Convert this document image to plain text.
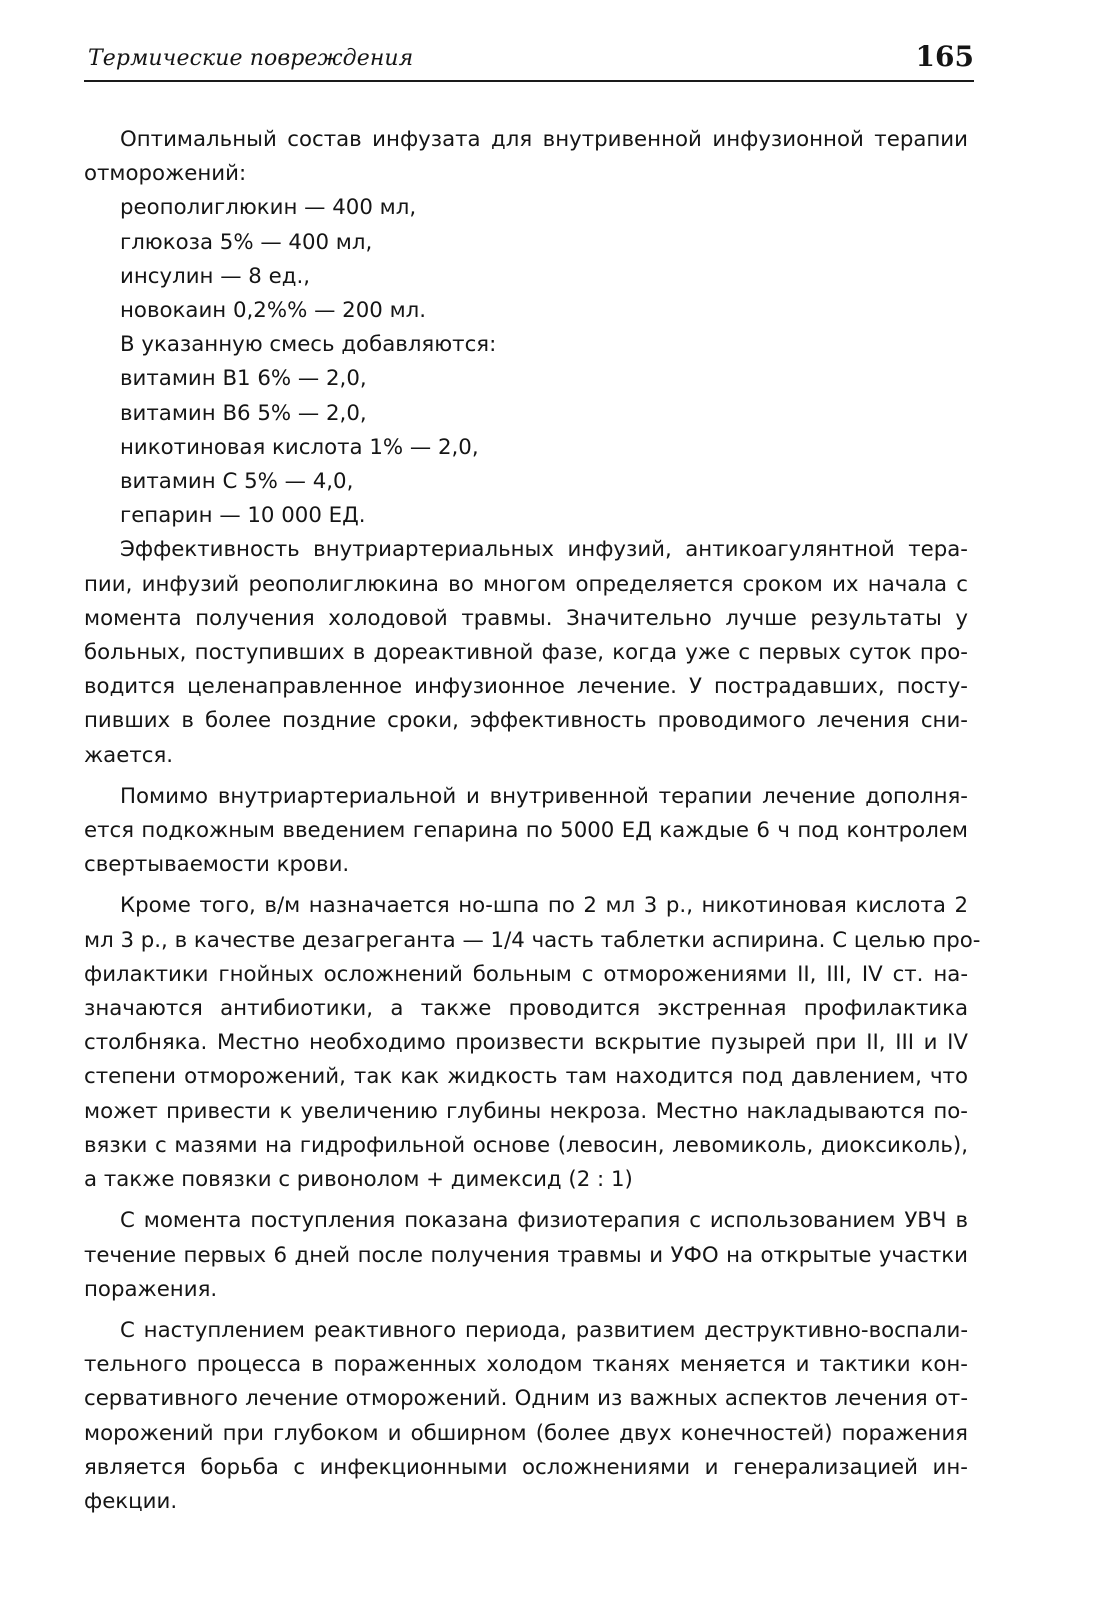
Термические повреждения	165

Оптимальный состав инфузата для внутривенной инфузионной терапии
отморожений:

реополиглюкин — 400 мл,
глюкоза 5% — 400 мл,
инсулин — 8 ед.,
новокаин 0,2%% — 200 мл.
В указанную смесь добавляются:
витамин В1 6% — 2,0,
витамин В6 5% — 2,0,
никотиновая кислота 1% — 2,0,
витамин С 5% — 4,0,
гепарин — 10 000 ЕД.

Эффективность внутриартериальных инфузий, антикоагулянтной тера-
пии, инфузий реополиглюкина во многом определяется сроком их начала с
момента получения холодовой травмы. Значительно лучше результаты у
больных, поступивших в дореактивной фазе, когда уже с первых суток про-
водится целенаправленное инфузионное лечение. У пострадавших, посту-
пивших в более поздние сроки, эффективность проводимого лечения сни-
жается.

Помимо внутриартериальной и внутривенной терапии лечение дополня-
ется подкожным введением гепарина по 5000 ЕД каждые 6 ч под контролем
свертываемости крови.

Кроме того, в/м назначается но-шпа по 2 мл 3 р., никотиновая кислота 2
мл 3 р., в качестве дезагреганта — 1/4 часть таблетки аспирина. С целью про-
филактики гнойных осложнений больным с отморожениями II, III, IV ст. на-
значаются антибиотики, а также проводится экстренная профилактика
столбняка. Местно необходимо произвести вскрытие пузырей при II, III и IV
степени отморожений, так как жидкость там находится под давлением, что
может привести к увеличению глубины некроза. Местно накладываются по-
вязки с мазями на гидрофильной основе (левосин, левомиколь, диоксиколь),
а также повязки с ривонолом + димексид (2 : 1)

С момента поступления показана физиотерапия с использованием УВЧ в
течение первых 6 дней после получения травмы и УФО на открытые участки
поражения.

С наступлением реактивного периода, развитием деструктивно-воспали-
тельного процесса в пораженных холодом тканях меняется и тактики кон-
сервативного лечение отморожений. Одним из важных аспектов лечения от-
морожений при глубоком и обширном (более двух конечностей) поражения
является борьба с инфекционными осложнениями и генерализацией ин-
фекции.
